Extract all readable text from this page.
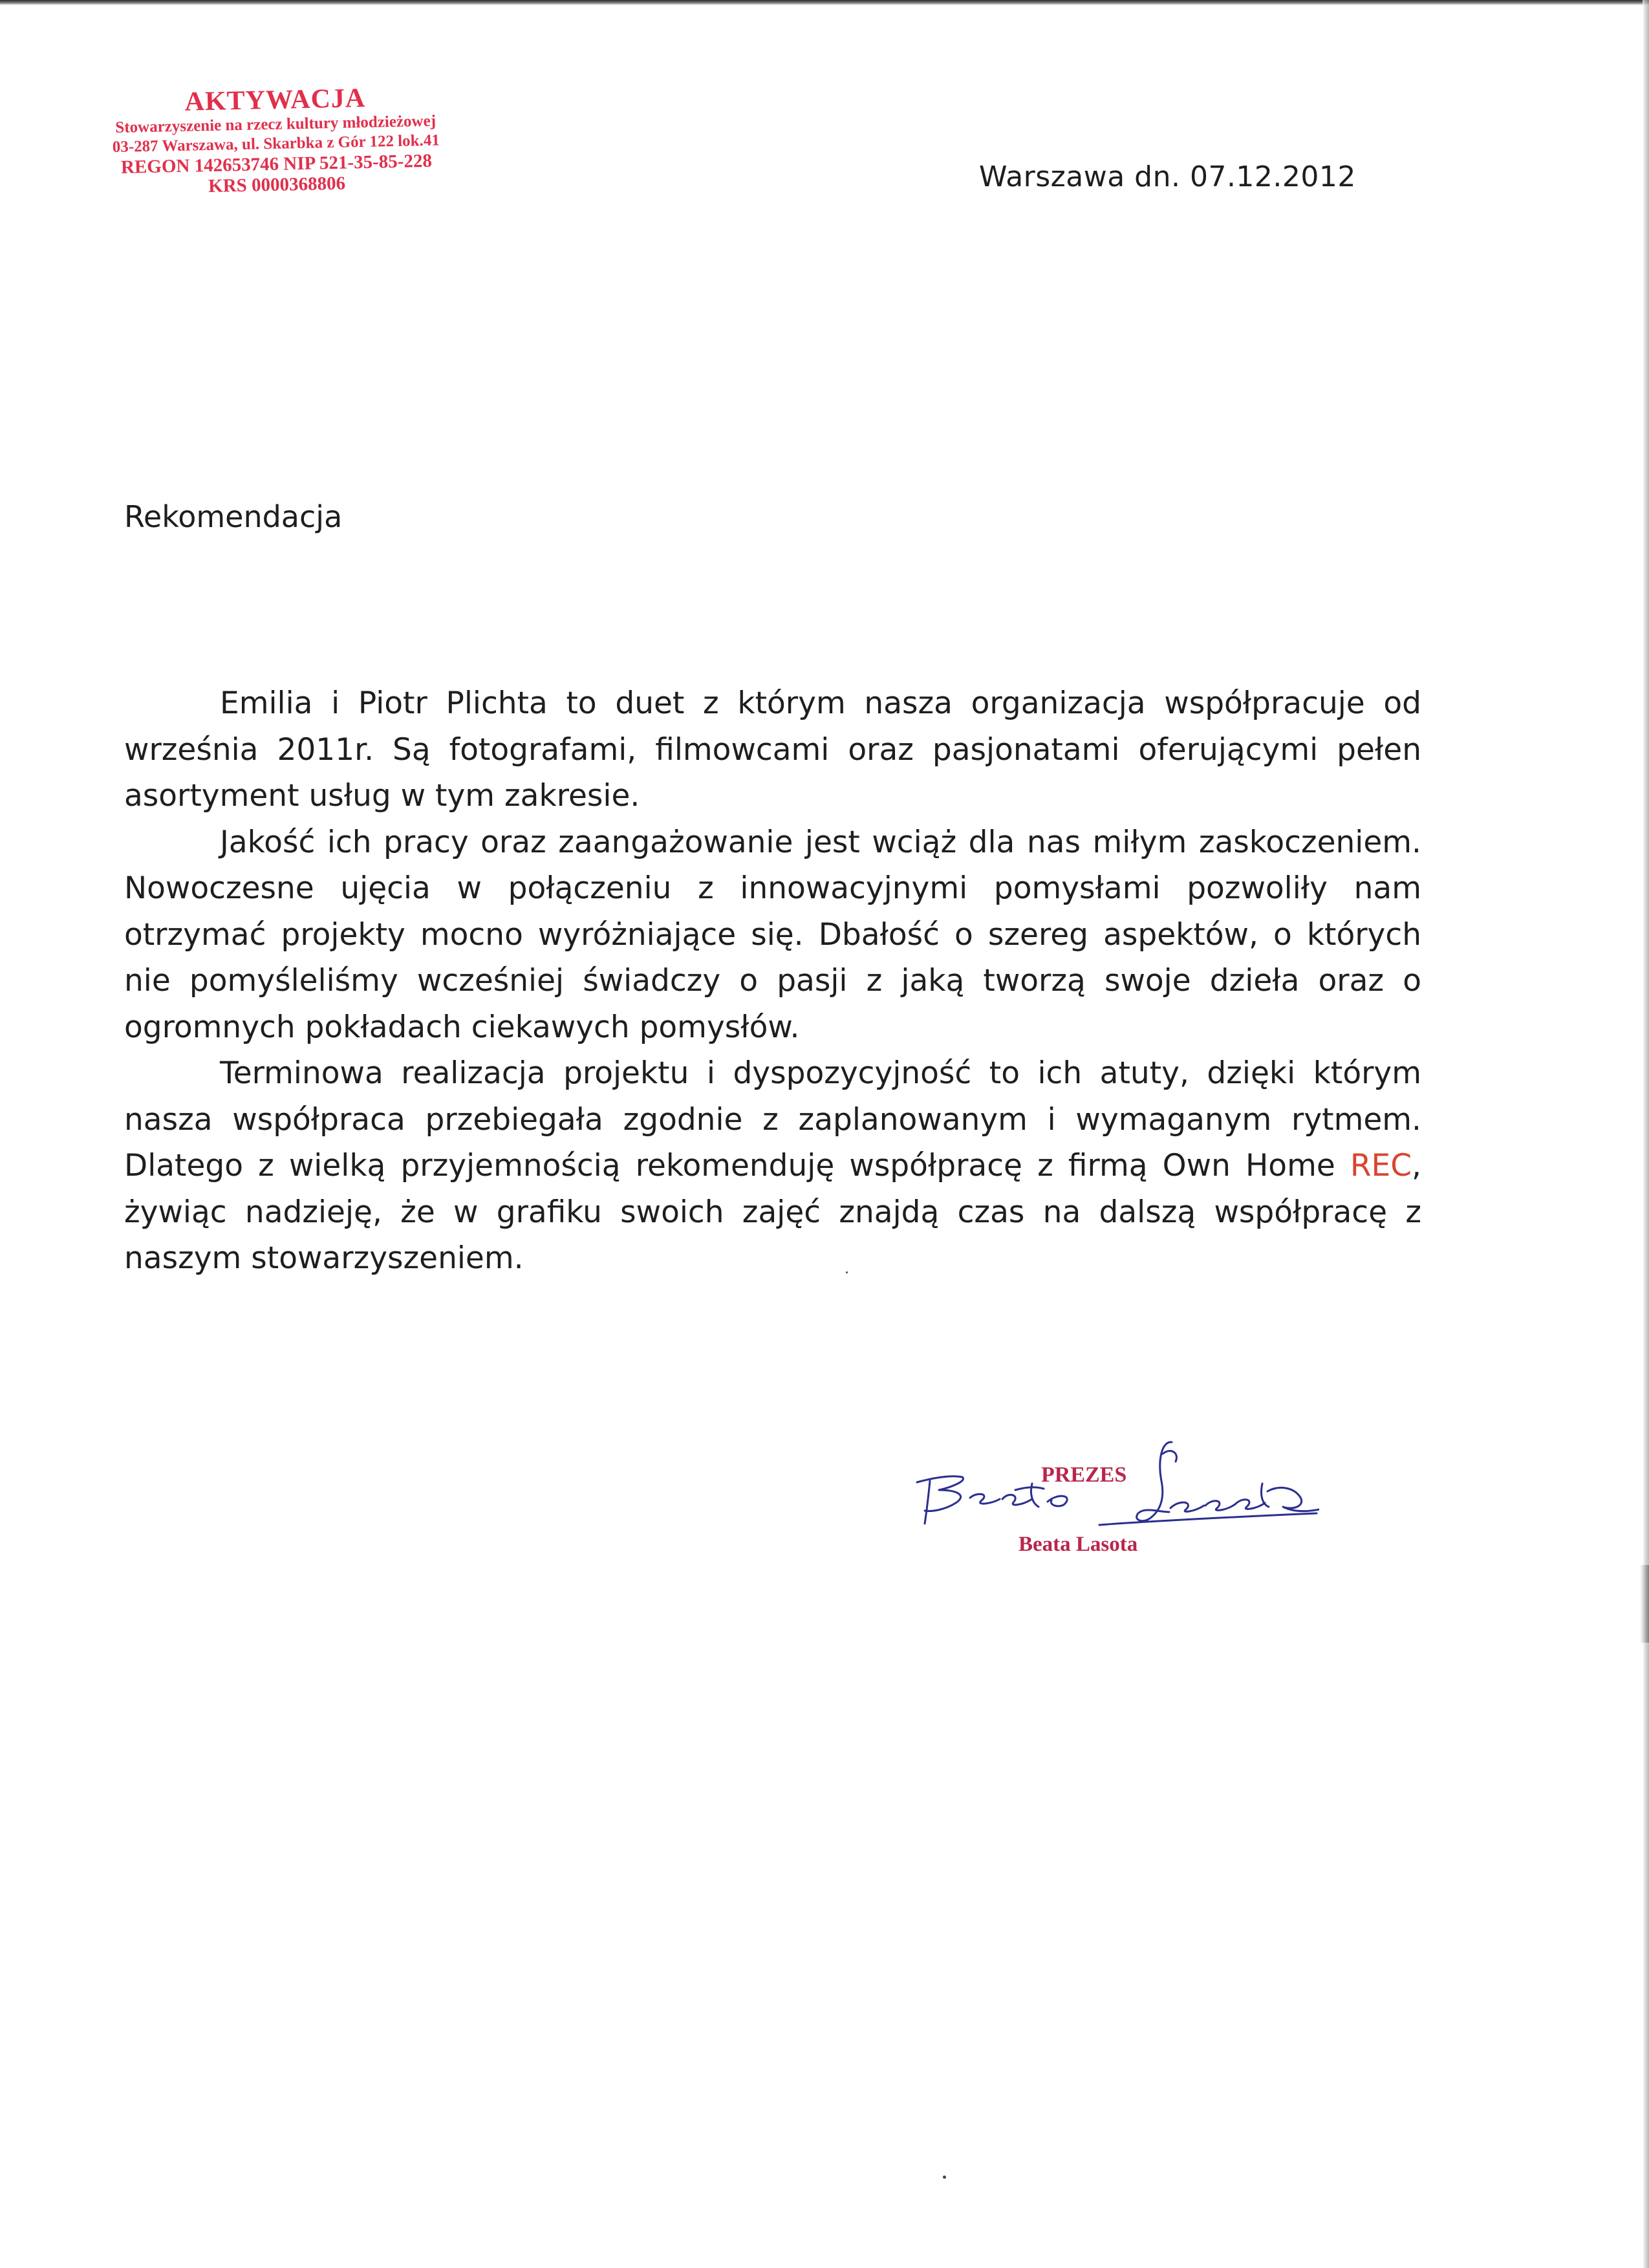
AKTYWACJA
Stowarzyszenie na rzecz kultury młodzieżowej
03-287 Warszawa, ul. Skarbka z Gór 122 lok.41
REGON 142653746 NIP 521-35-85-228
KRS 0000368806	Warszawa dn. 07.12.2012
Rekomendacja

Emilia i Piotr Plichta to duet z którym nasza organizacja współpracuje od września 2011r. Są fotografami, filmowcami oraz pasjonatami oferującymi pełen asortyment usług w tym zakresie.

Jakość ich pracy oraz zaangażowanie jest wciąż dla nas miłym zaskoczeniem. Nowoczesne ujęcia w połączeniu z innowacyjnymi pomysłami pozwoliły nam otrzymać projekty mocno wyróżniające się. Dbałość o szereg aspektów, o których nie pomyśleliśmy wcześniej świadczy o pasji z jaką tworzą swoje dzieła oraz o ogromnych pokładach ciekawych pomysłów.

Terminowa realizacja projektu i dyspozycyjność to ich atuty, dzięki którym nasza współpraca przebiegała zgodnie z zaplanowanym i wymaganym rytmem. Dlatego z wielką przyjemnością rekomenduję współpracę z firmą Own Home REC, żywiąc nadzieję, że w grafiku swoich zajęć znajdą czas na dalszą współpracę z naszym stowarzyszeniem.

PREZES
Beata Lasota
